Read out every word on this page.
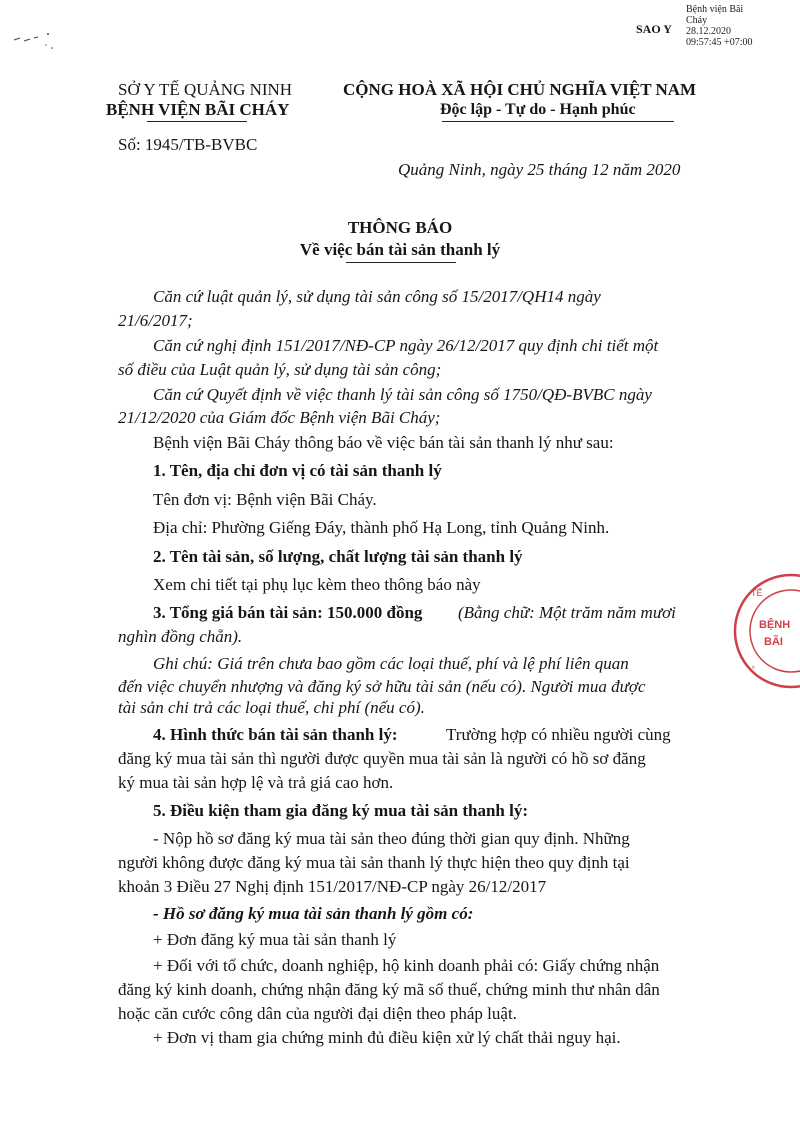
SAO Y
Bệnh viện Bãi
Cháy
28.12.2020
09:57:45 +07:00
SỞ Y TẾ QUẢNG NINH
BỆNH VIỆN BÃI CHÁY
CỘNG HOÀ XÃ HỘI CHỦ NGHĨA VIỆT NAM
Độc lập - Tự do - Hạnh phúc
Số: 1945/TB-BVBC
Quảng Ninh, ngày 25 tháng 12 năm 2020
THÔNG BÁO
Về việc bán tài sản thanh lý
Căn cứ luật quản lý, sử dụng tài sản công số 15/2017/QH14 ngày
21/6/2017;
Căn cứ nghị định 151/2017/NĐ-CP ngày 26/12/2017 quy định chi tiết một
số điều của Luật quản lý, sử dụng tài sản công;
Căn cứ Quyết định về việc thanh lý tài sản công số 1750/QĐ-BVBC ngày
21/12/2020 của Giám đốc Bệnh viện Bãi Cháy;
Bệnh viện Bãi Cháy thông báo về việc bán tài sản thanh lý như sau:
1. Tên, địa chỉ đơn vị có tài sản thanh lý
Tên đơn vị: Bệnh viện Bãi Cháy.
Địa chỉ: Phường Giếng Đáy, thành phố Hạ Long, tỉnh Quảng Ninh.
2. Tên tài sản, số lượng, chất lượng tài sản thanh lý
Xem chi tiết tại phụ lục kèm theo thông báo này
3. Tổng giá bán tài sản: 150.000 đồng (Bằng chữ: Một trăm năm mươi
nghìn đồng chẵn).
Ghi chú: Giá trên chưa bao gồm các loại thuế, phí và lệ phí liên quan
đến việc chuyển nhượng và đăng ký sở hữu tài sản (nếu có). Người mua được
tài sản chi trả các loại thuế, chi phí (nếu có).
4. Hình thức bán tài sản thanh lý:	Trường hợp có nhiều người cùng
đăng ký mua tài sản thì người được quyền mua tài sản là người có hồ sơ đăng
ký mua tài sản hợp lệ và trả giá cao hơn.
5. Điều kiện tham gia đăng ký mua tài sản thanh lý:
- Nộp hồ sơ đăng ký mua tài sản theo đúng thời gian quy định. Những
người không được đăng ký mua tài sản thanh lý thực hiện theo quy định tại
khoản 3 Điều 27 Nghị định 151/2017/NĐ-CP ngày 26/12/2017
- Hồ sơ đăng ký mua tài sản thanh lý gồm có:
+ Đơn đăng ký mua tài sản thanh lý
+ Đối với tổ chức, doanh nghiệp, hộ kinh doanh phải có: Giấy chứng nhận
đăng ký kinh doanh, chứng nhận đăng ký mã số thuế, chứng minh thư nhân dân
hoặc căn cước công dân của người đại diện theo pháp luật.
+ Đơn vị tham gia chứng minh đủ điều kiện xử lý chất thải nguy hại.
TẾ
•°
BỆNH
BÃI
